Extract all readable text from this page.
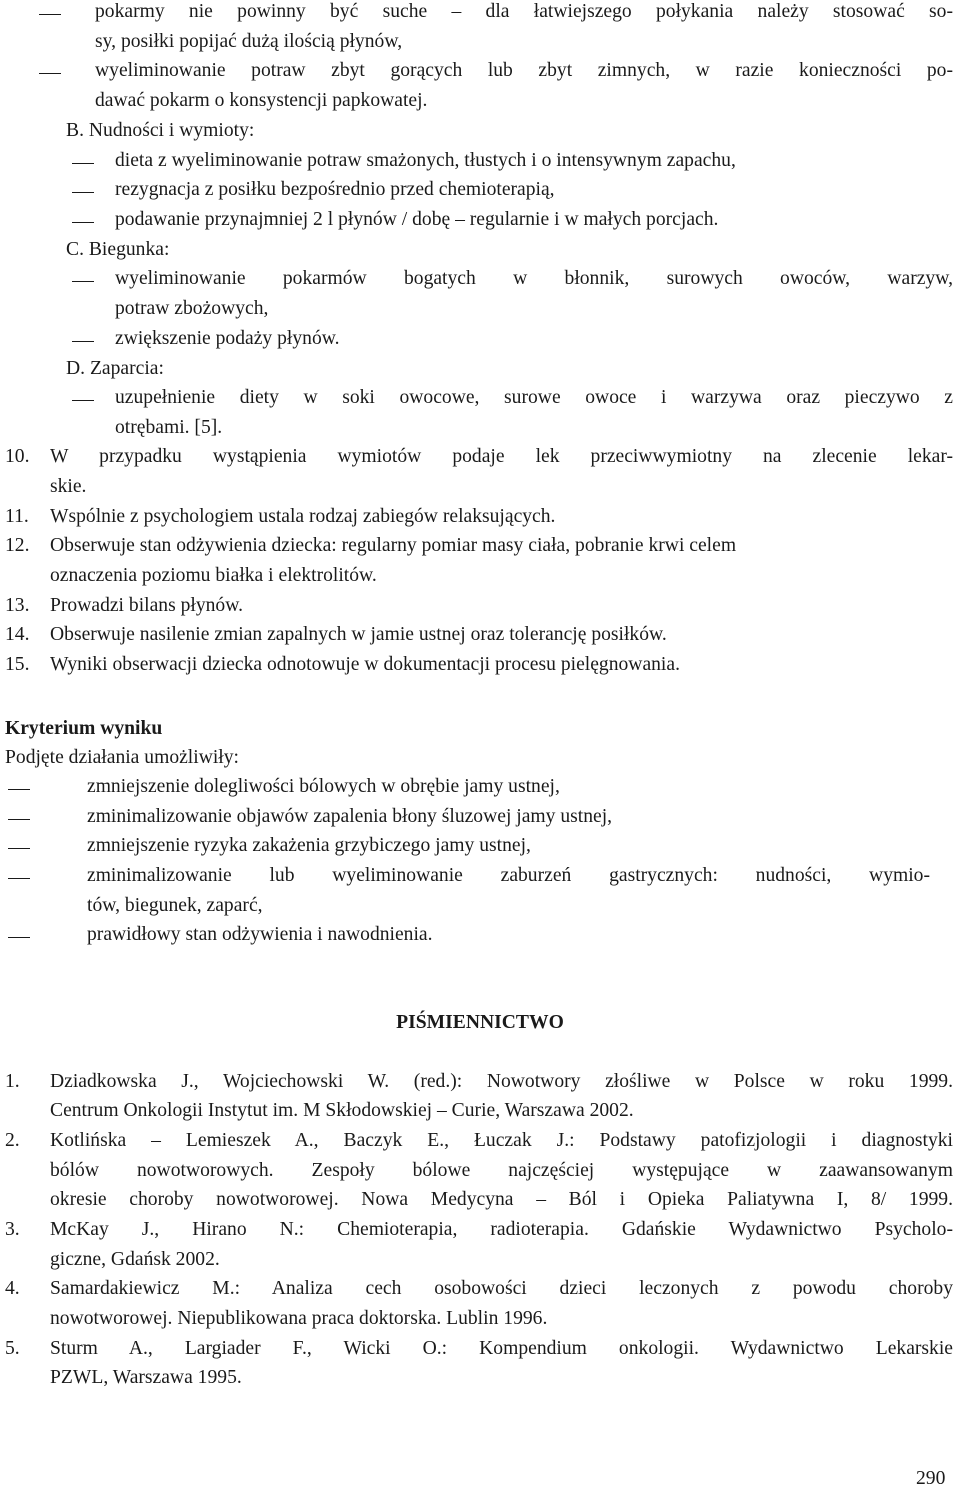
pokarmy nie powinny być suche – dla łatwiejszego połykania należy stosować so-
sy, posiłki popijać dużą ilością płynów,
wyeliminowanie potraw zbyt gorących lub zbyt zimnych, w razie konieczności po-
dawać pokarm o konsystencji papkowatej.
B. Nudności i wymioty:
dieta z wyeliminowanie potraw smażonych, tłustych i o intensywnym zapachu,
rezygnacja z posiłku bezpośrednio przed chemioterapią,
podawanie przynajmniej 2 l płynów / dobę – regularnie i w małych porcjach.
C. Biegunka:
wyeliminowanie pokarmów bogatych w błonnik, surowych owoców, warzyw,
potraw zbożowych,
zwiększenie podaży płynów.
D. Zaparcia:
uzupełnienie diety w soki owocowe, surowe owoce i warzywa oraz pieczywo z
otrębami. [5].
10. W przypadku wystąpienia wymiotów podaje lek przeciwwymiotny na zlecenie lekar-
skie.
11. Wspólnie z psychologiem ustala rodzaj zabiegów relaksujących.
12. Obserwuje stan odżywienia dziecka: regularny pomiar masy ciała, pobranie krwi celem
oznaczenia poziomu białka i elektrolitów.
13. Prowadzi bilans płynów.
14. Obserwuje nasilenie zmian zapalnych w jamie ustnej oraz tolerancję posiłków.
15. Wyniki obserwacji dziecka odnotowuje w dokumentacji procesu pielęgnowania.
Kryterium wyniku
Podjęte działania umożliwiły:
zmniejszenie dolegliwości bólowych w obrębie jamy ustnej,
zminimalizowanie objawów zapalenia błony śluzowej jamy ustnej,
zmniejszenie ryzyka zakażenia grzybiczego jamy ustnej,
zminimalizowanie lub wyeliminowanie zaburzeń gastrycznych: nudności, wymio-
tów, biegunek, zaparć,
prawidłowy stan odżywienia i nawodnienia.
PIŚMIENNICTWO
1. Dziadkowska J., Wojciechowski W. (red.): Nowotwory złośliwe w Polsce w roku 1999.
Centrum Onkologii Instytut im. M Skłodowskiej – Curie, Warszawa 2002.
2. Kotlińska – Lemieszek A., Baczyk E., Łuczak J.: Podstawy patofizjologii i diagnostyki
bólów nowotworowych. Zespoły bólowe najczęściej występujące w zaawansowanym
okresie choroby nowotworowej. Nowa Medycyna – Ból i Opieka Paliatywna I, 8/ 1999.
3. McKay J., Hirano N.: Chemioterapia, radioterapia. Gdańskie Wydawnictwo Psycholo-
giczne, Gdańsk 2002.
4. Samardakiewicz M.: Analiza cech osobowości dzieci leczonych z powodu choroby
nowotworowej. Niepublikowana praca doktorska. Lublin 1996.
5. Sturm A., Largiader F., Wicki O.: Kompendium onkologii. Wydawnictwo Lekarskie
PZWL, Warszawa 1995.
290
